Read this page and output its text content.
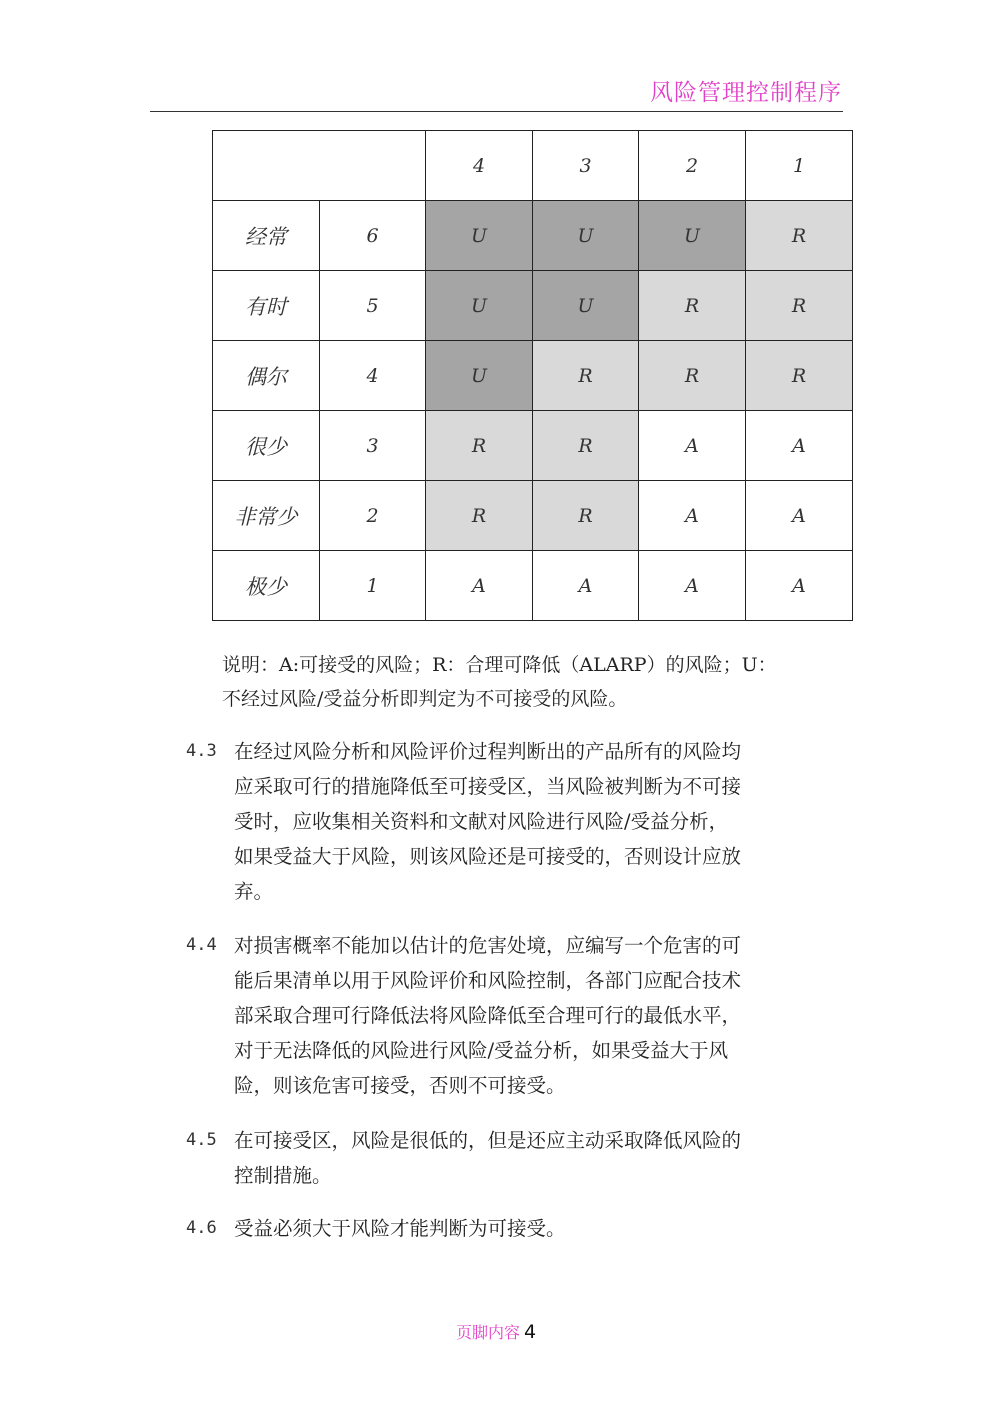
风险管理控制程序
		4	3	2	1
经常	6	U	U	U	R
有时	5	U	U	R	R
偶尔	4	U	R	R	R
很少	3	R	R	A	A
非常少	2	R	R	A	A
极少	1	A	A	A	A
说明：A:可接受的风险；R：合理可降低（ALARP）的风险；U：
不经过风险/受益分析即判定为不可接受的风险。
4.3 在经过风险分析和风险评价过程判断出的产品所有的风险均
应采取可行的措施降低至可接受区，当风险被判断为不可接
受时，应收集相关资料和文献对风险进行风险/受益分析，
如果受益大于风险，则该风险还是可接受的，否则设计应放
弃。
4.4 对损害概率不能加以估计的危害处境，应编写一个危害的可
能后果清单以用于风险评价和风险控制，各部门应配合技术
部采取合理可行降低法将风险降低至合理可行的最低水平，
对于无法降低的风险进行风险/受益分析，如果受益大于风
险，则该危害可接受，否则不可接受。
4.5 在可接受区，风险是很低的，但是还应主动采取降低风险的
控制措施。
4.6 受益必须大于风险才能判断为可接受。
页脚内容 4
